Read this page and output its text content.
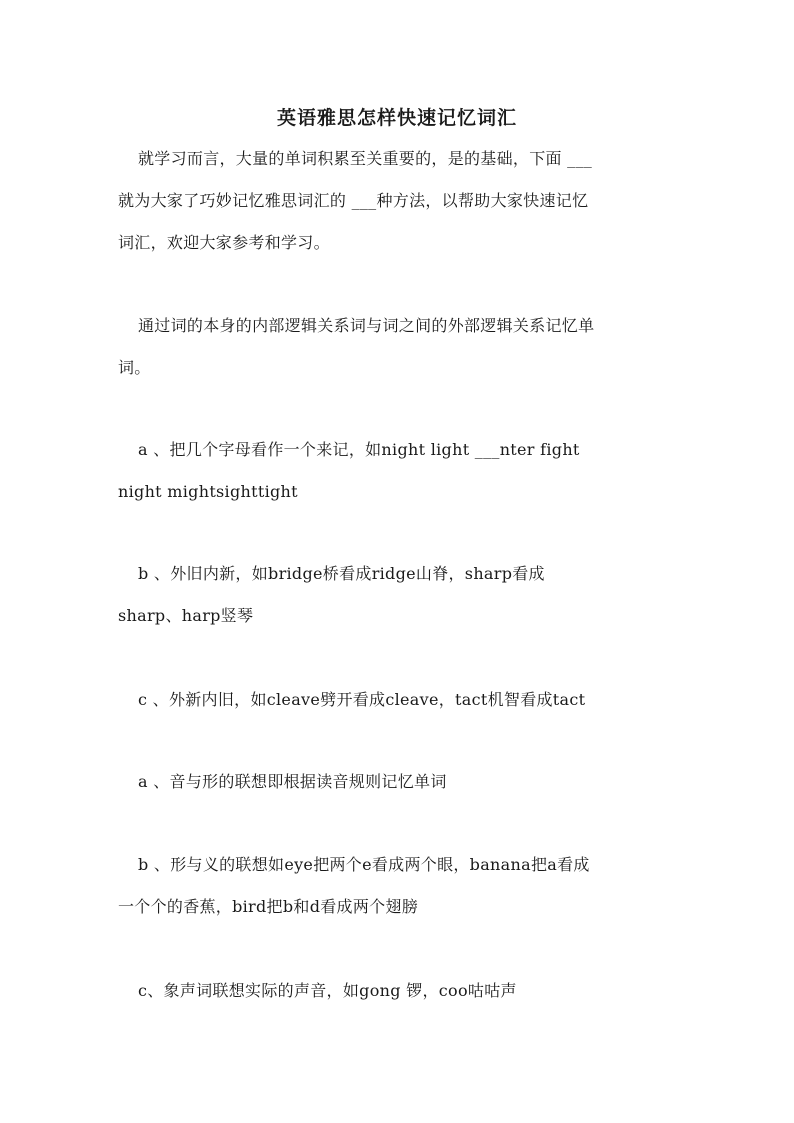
英语雅思怎样快速记忆词汇
就学习而言，大量的单词积累至关重要的，是的基础，下面 ___
就为大家了巧妙记忆雅思词汇的 ___种方法，以帮助大家快速记忆
词汇，欢迎大家参考和学习。
通过词的本身的内部逻辑关系词与词之间的外部逻辑关系记忆单
词。
a 、把几个字母看作一个来记，如night light ___nter fight
night mightsighttight
b 、外旧内新，如bridge桥看成ridge山脊，sharp看成
sharp、harp竖琴
c 、外新内旧，如cleave劈开看成cleave，tact机智看成tact
a 、音与形的联想即根据读音规则记忆单词
b 、形与义的联想如eye把两个e看成两个眼，banana把a看成
一个个的香蕉，bird把b和d看成两个翅膀
c、象声词联想实际的声音，如gong 锣，coo咕咕声
